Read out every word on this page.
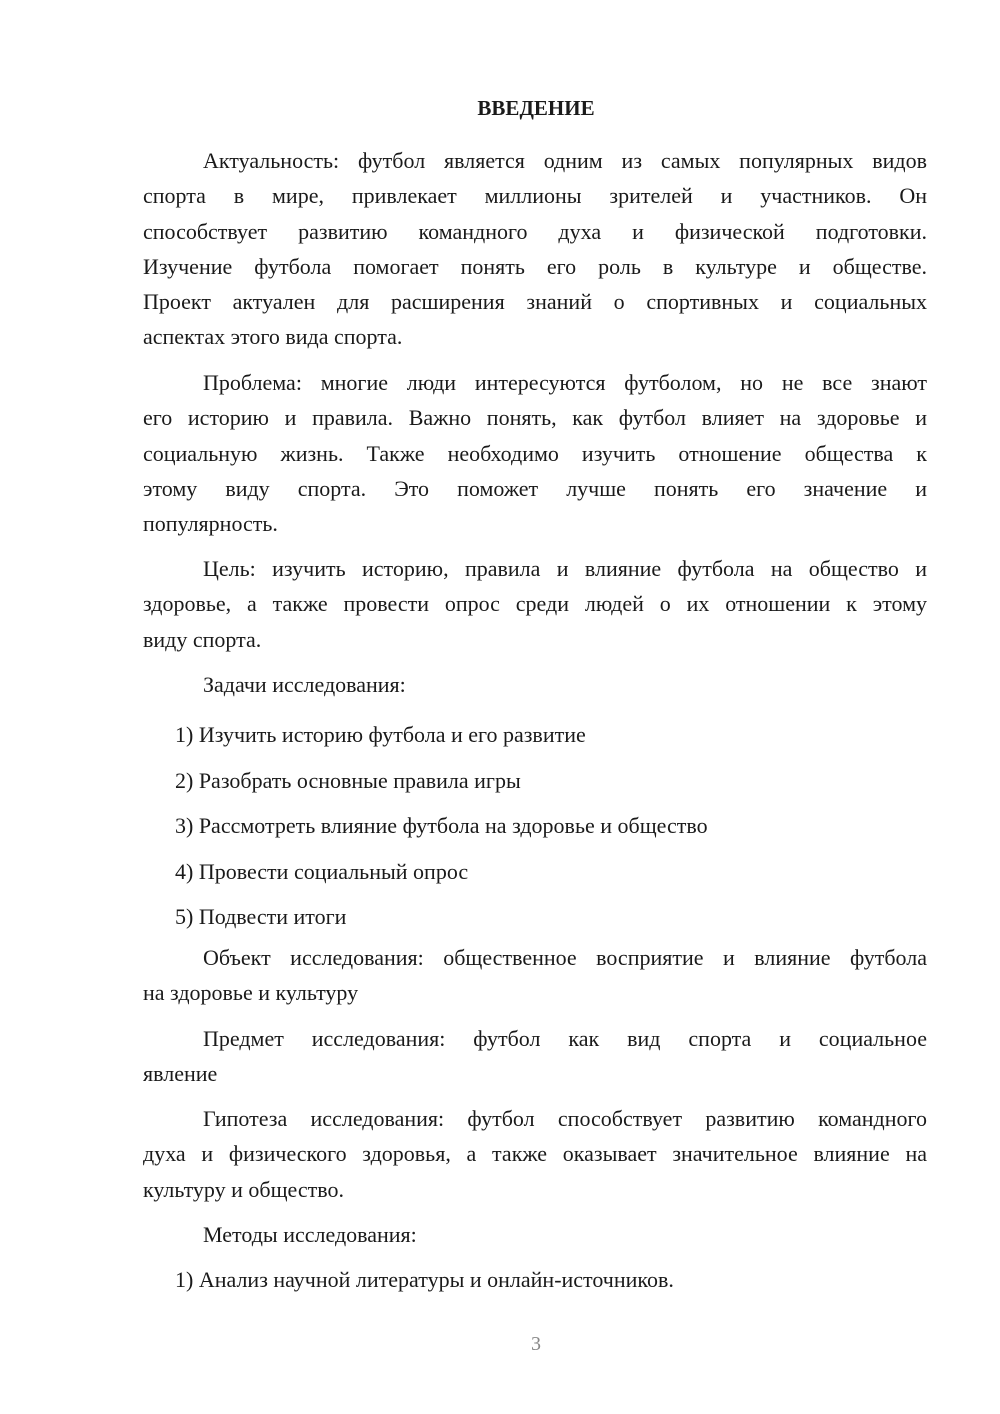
ВВЕДЕНИЕ
Актуальность: футбол является одним из самых популярных видов
спорта в мире, привлекает миллионы зрителей и участников. Он
способствует развитию командного духа и физической подготовки.
Изучение футбола помогает понять его роль в культуре и обществе.
Проект актуален для расширения знаний о спортивных и социальных
аспектах этого вида спорта.
Проблема: многие люди интересуются футболом, но не все знают
его историю и правила. Важно понять, как футбол влияет на здоровье и
социальную жизнь. Также необходимо изучить отношение общества к
этому виду спорта. Это поможет лучше понять его значение и
популярность.
Цель: изучить историю, правила и влияние футбола на общество и
здоровье, а также провести опрос среди людей о их отношении к этому
виду спорта.
Задачи исследования:
1) Изучить историю футбола и его развитие
2) Разобрать основные правила игры
3) Рассмотреть влияние футбола на здоровье и общество
4) Провести социальный опрос
5) Подвести итоги
Объект исследования: общественное восприятие и влияние футбола
на здоровье и культуру
Предмет исследования: футбол как вид спорта и социальное
явление
Гипотеза исследования: футбол способствует развитию командного
духа и физического здоровья, а также оказывает значительное влияние на
культуру и общество.
Методы исследования:
1) Анализ научной литературы и онлайн-источников.
3
